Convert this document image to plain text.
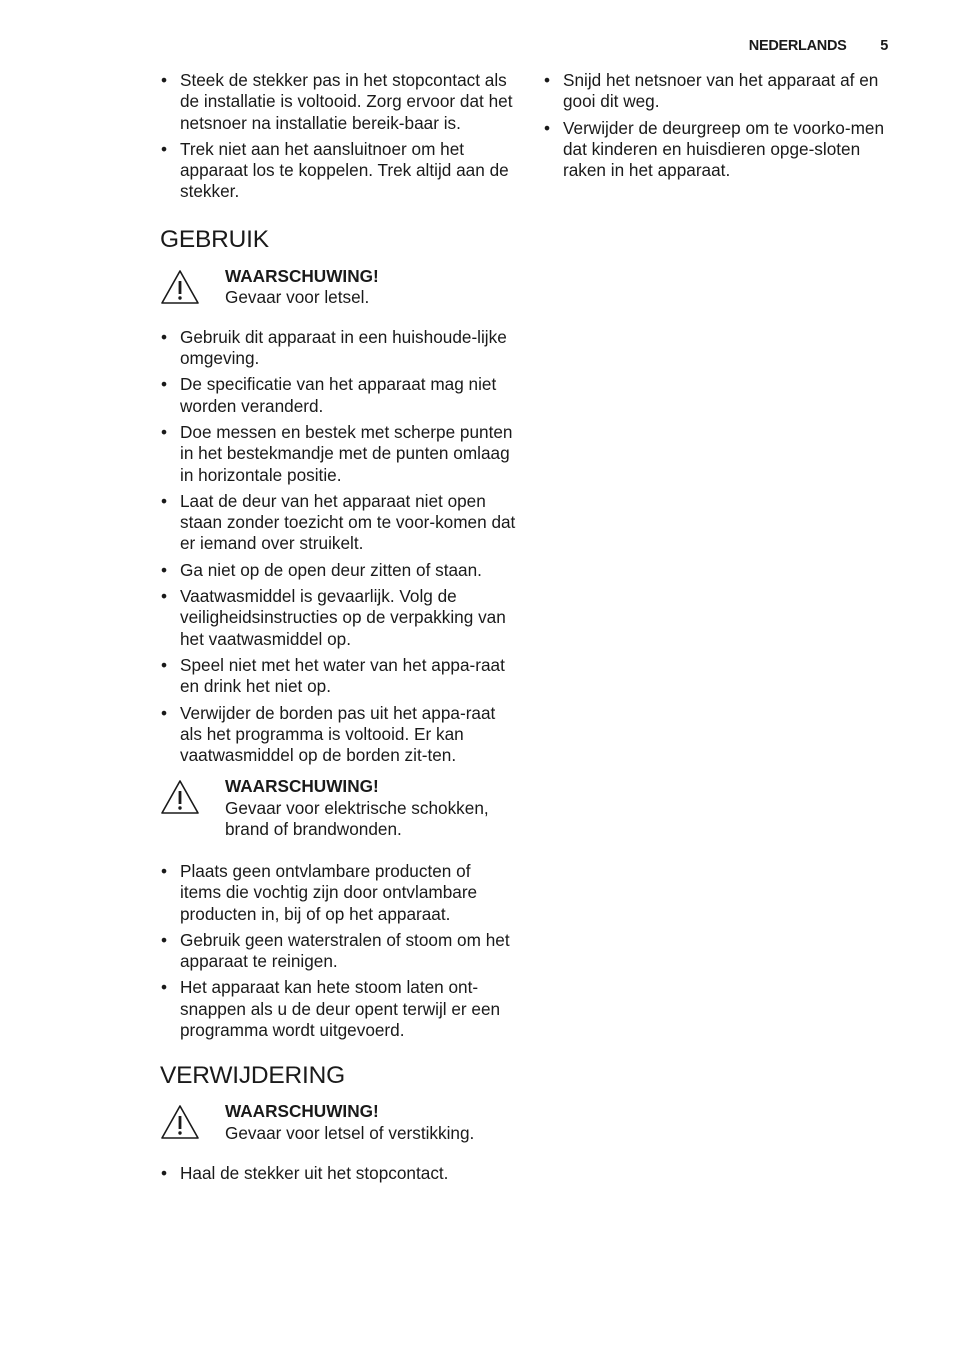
NEDERLANDS 5
• Steek de stekker pas in het stopcontact als de installatie is voltooid. Zorg ervoor dat het netsnoer na installatie bereik-baar is.
• Trek niet aan het aansluitnoer om het apparaat los te koppelen. Trek altijd aan de stekker.
GEBRUIK
WAARSCHUWING!
Gevaar voor letsel.
• Gebruik dit apparaat in een huishoude-lijke omgeving.
• De specificatie van het apparaat mag niet worden veranderd.
• Doe messen en bestek met scherpe punten in het bestekmandje met de punten omlaag in horizontale positie.
• Laat de deur van het apparaat niet open staan zonder toezicht om te voor-komen dat er iemand over struikelt.
• Ga niet op de open deur zitten of staan.
• Vaatwasmiddel is gevaarlijk. Volg de veiligheidsinstructies op de verpakking van het vaatwasmiddel op.
• Speel niet met het water van het appa-raat en drink het niet op.
• Verwijder de borden pas uit het appa-raat als het programma is voltooid. Er kan vaatwasmiddel op de borden zit-ten.
WAARSCHUWING!
Gevaar voor elektrische schokken, brand of brandwonden.
• Plaats geen ontvlambare producten of items die vochtig zijn door ontvlambare producten in, bij of op het apparaat.
• Gebruik geen waterstralen of stoom om het apparaat te reinigen.
• Het apparaat kan hete stoom laten ont-snappen als u de deur opent terwijl er een programma wordt uitgevoerd.
VERWIJDERING
WAARSCHUWING!
Gevaar voor letsel of verstikking.
• Haal de stekker uit het stopcontact.
• Snijd het netsnoer van het apparaat af en gooi dit weg.
• Verwijder de deurgreep om te voorko-men dat kinderen en huisdieren opge-sloten raken in het apparaat.
